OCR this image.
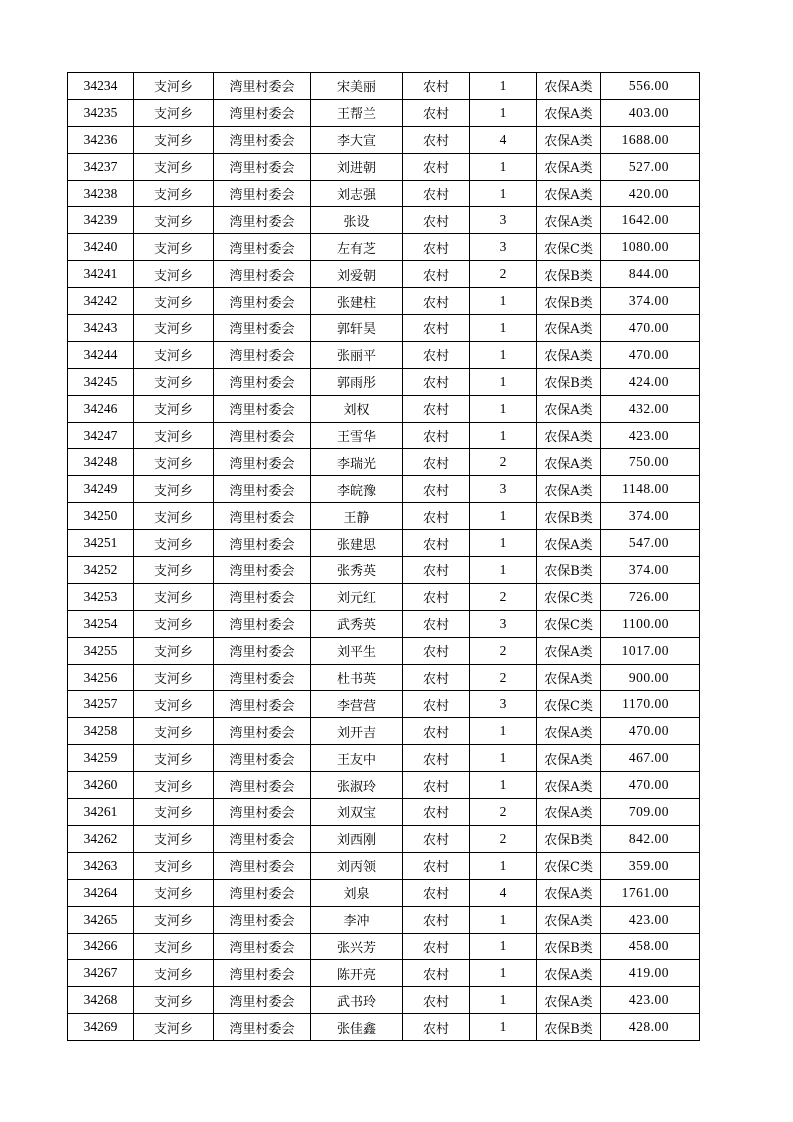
34234	支河乡	湾里村委会	宋美丽	农村	1	农保A类	556.00
34235	支河乡	湾里村委会	王帮兰	农村	1	农保A类	403.00
34236	支河乡	湾里村委会	李大宣	农村	4	农保A类	1688.00
34237	支河乡	湾里村委会	刘进朝	农村	1	农保A类	527.00
34238	支河乡	湾里村委会	刘志强	农村	1	农保A类	420.00
34239	支河乡	湾里村委会	张设	农村	3	农保A类	1642.00
34240	支河乡	湾里村委会	左有芝	农村	3	农保C类	1080.00
34241	支河乡	湾里村委会	刘爱朝	农村	2	农保B类	844.00
34242	支河乡	湾里村委会	张建柱	农村	1	农保B类	374.00
34243	支河乡	湾里村委会	郭轩昊	农村	1	农保A类	470.00
34244	支河乡	湾里村委会	张丽平	农村	1	农保A类	470.00
34245	支河乡	湾里村委会	郭雨彤	农村	1	农保B类	424.00
34246	支河乡	湾里村委会	刘权	农村	1	农保A类	432.00
34247	支河乡	湾里村委会	王雪华	农村	1	农保A类	423.00
34248	支河乡	湾里村委会	李瑞光	农村	2	农保A类	750.00
34249	支河乡	湾里村委会	李皖豫	农村	3	农保A类	1148.00
34250	支河乡	湾里村委会	王静	农村	1	农保B类	374.00
34251	支河乡	湾里村委会	张建思	农村	1	农保A类	547.00
34252	支河乡	湾里村委会	张秀英	农村	1	农保B类	374.00
34253	支河乡	湾里村委会	刘元红	农村	2	农保C类	726.00
34254	支河乡	湾里村委会	武秀英	农村	3	农保C类	1100.00
34255	支河乡	湾里村委会	刘平生	农村	2	农保A类	1017.00
34256	支河乡	湾里村委会	杜书英	农村	2	农保A类	900.00
34257	支河乡	湾里村委会	李营营	农村	3	农保C类	1170.00
34258	支河乡	湾里村委会	刘开吉	农村	1	农保A类	470.00
34259	支河乡	湾里村委会	王友中	农村	1	农保A类	467.00
34260	支河乡	湾里村委会	张淑玲	农村	1	农保A类	470.00
34261	支河乡	湾里村委会	刘双宝	农村	2	农保A类	709.00
34262	支河乡	湾里村委会	刘西刚	农村	2	农保B类	842.00
34263	支河乡	湾里村委会	刘丙领	农村	1	农保C类	359.00
34264	支河乡	湾里村委会	刘泉	农村	4	农保A类	1761.00
34265	支河乡	湾里村委会	李冲	农村	1	农保A类	423.00
34266	支河乡	湾里村委会	张兴芳	农村	1	农保B类	458.00
34267	支河乡	湾里村委会	陈开亮	农村	1	农保A类	419.00
34268	支河乡	湾里村委会	武书玲	农村	1	农保A类	423.00
34269	支河乡	湾里村委会	张佳鑫	农村	1	农保B类	428.00
